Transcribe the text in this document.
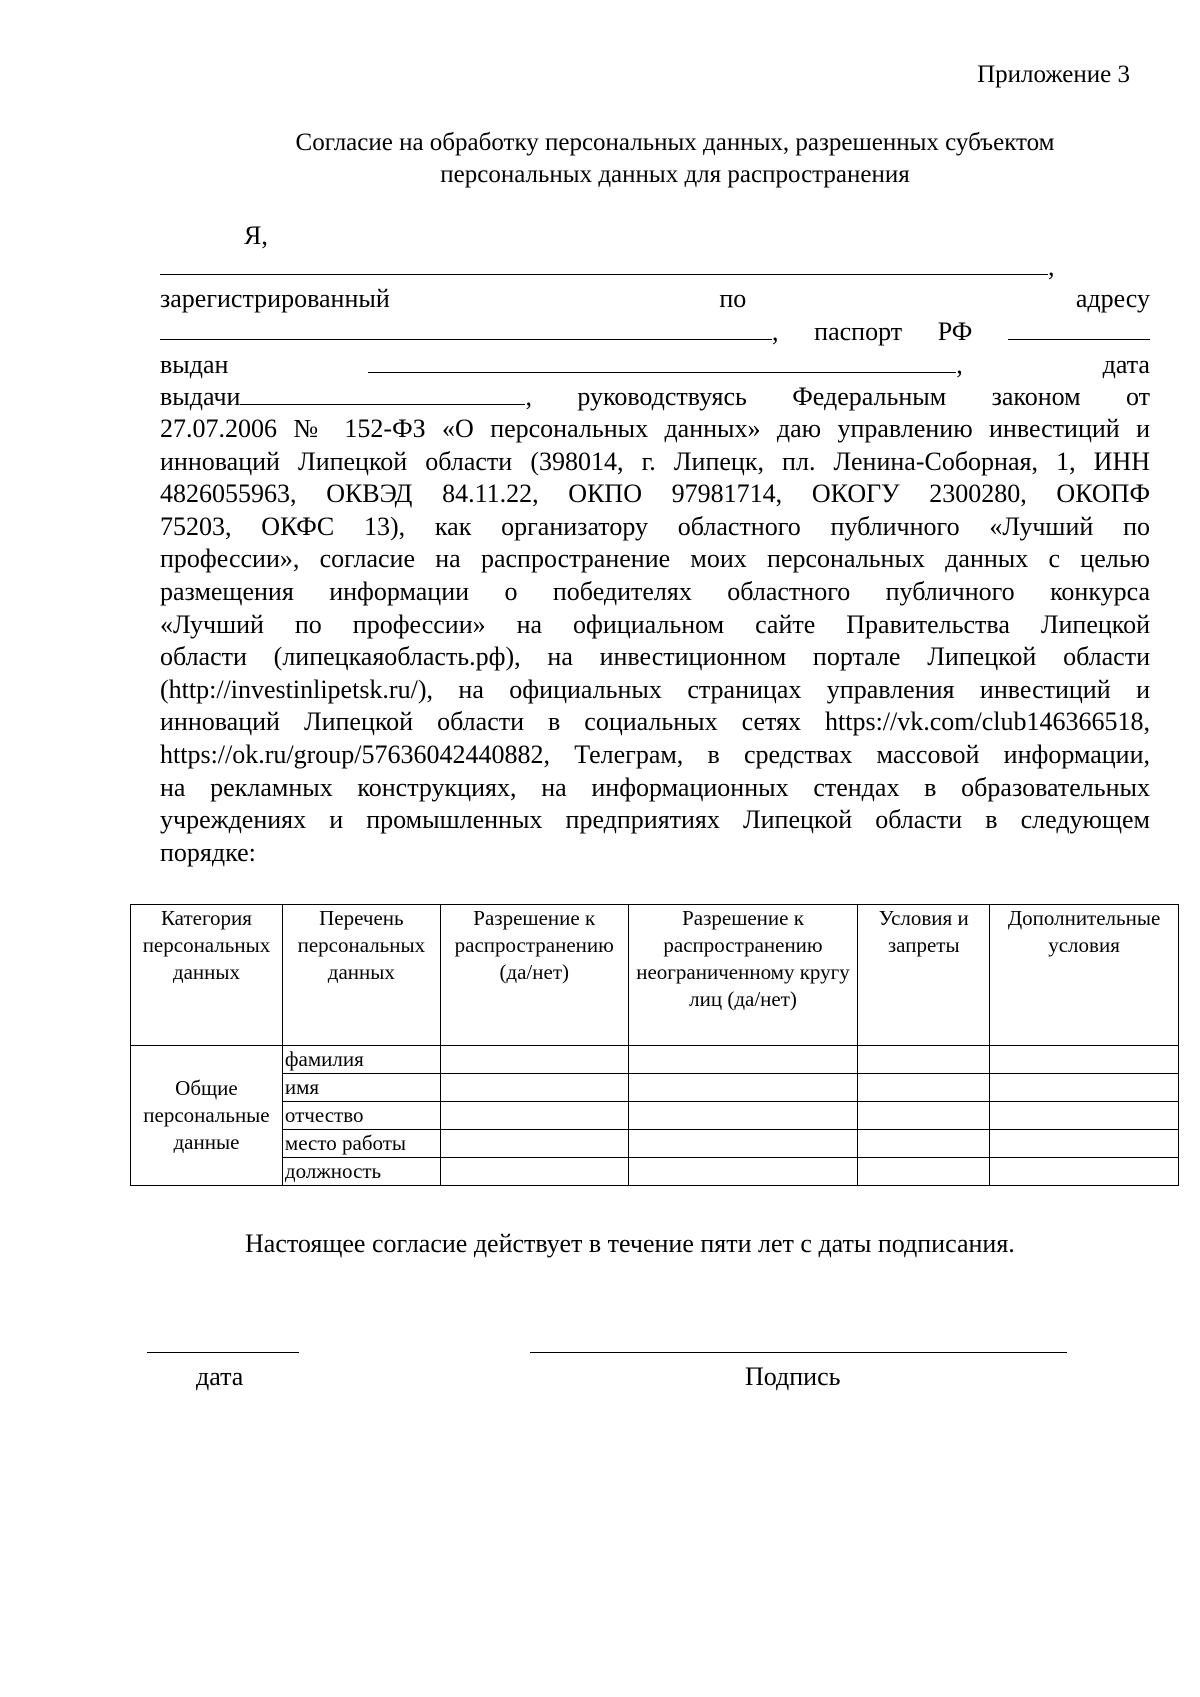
Приложение 3
Согласие на обработку персональных данных, разрешенных субъектом
персональных данных для распространения
Я,
,
зарегистрированный	по	адресу
, паспорт РФ
выдан	,	дата
выдачи	, руководствуясь Федеральным законом от
27.07.2006 № 152-ФЗ «О персональных данных» даю управлению инвестиций и
инноваций Липецкой области (398014, г. Липецк, пл. Ленина-Соборная, 1, ИНН
4826055963, ОКВЭД 84.11.22, ОКПО 97981714, ОКОГУ 2300280, ОКОПФ
75203, ОКФС 13), как организатору областного публичного «Лучший по
профессии», согласие на распространение моих персональных данных с целью
размещения информации о победителях областного публичного конкурса
«Лучший по профессии» на официальном сайте Правительства Липецкой
области (липецкаяобласть.рф), на инвестиционном портале Липецкой области
(http://investinlipetsk.ru/), на официальных страницах управления инвестиций и
инноваций Липецкой области в социальных сетях https://vk.com/club146366518,
https://ok.ru/group/57636042440882, Телеграм, в средствах массовой информации,
на рекламных конструкциях, на информационных стендах в образовательных
учреждениях и промышленных предприятиях Липецкой области в следующем
порядке:
Категория персональных данных	Перечень персональных данных	Разрешение к распространению (да/нет)	Разрешение к распространению неограниченному кругу лиц (да/нет)	Условия и запреты	Дополнительные условия
Общие персональные данные	фамилия				
	имя				
	отчество				
	место работы				
	должность				
Настоящее согласие действует в течение пяти лет с даты подписания.
дата	Подпись
